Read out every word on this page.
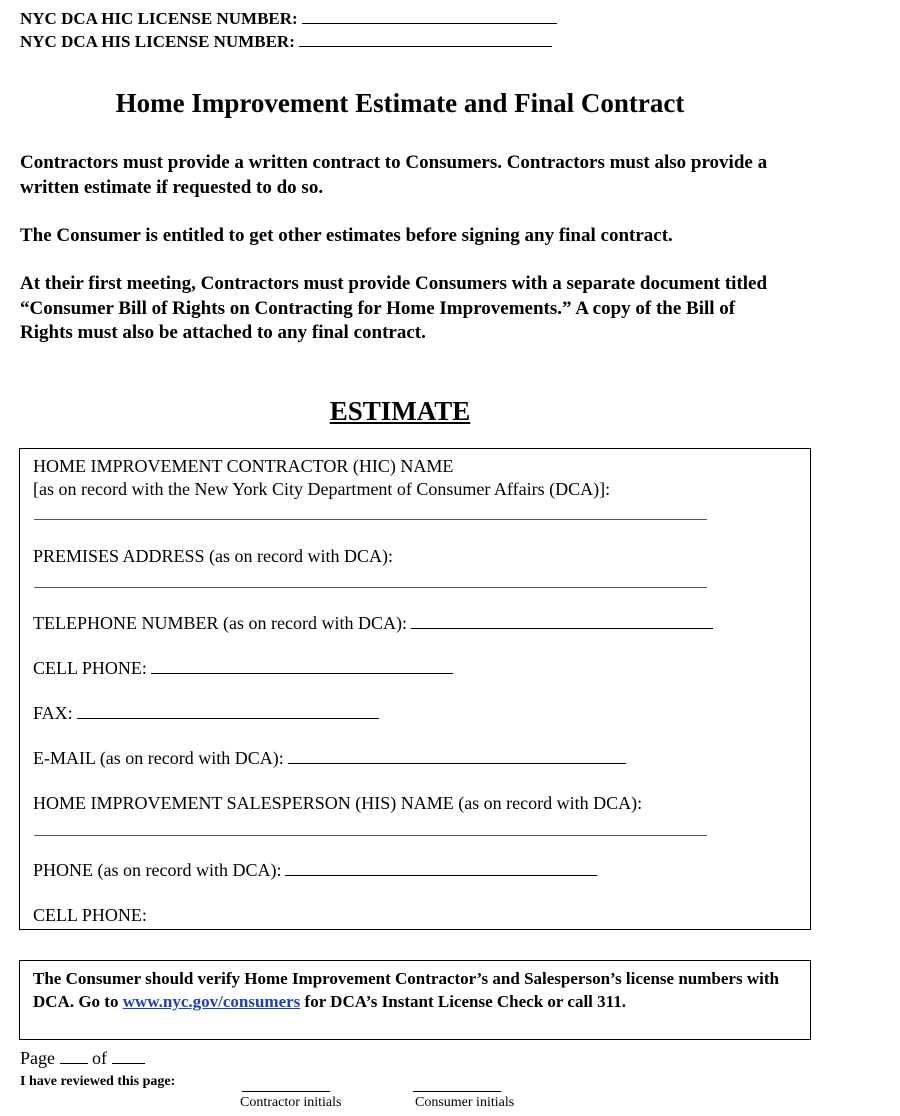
NYC DCA HIC LICENSE NUMBER:
NYC DCA HIS LICENSE NUMBER:
Home Improvement Estimate and Final Contract

Contractors must provide a written contract to Consumers. Contractors must also provide a written estimate if requested to do so.

The Consumer is entitled to get other estimates before signing any final contract.

At their first meeting, Contractors must provide Consumers with a separate document titled “Consumer Bill of Rights on Contracting for Home Improvements.” A copy of the Bill of Rights must also be attached to any final contract.

ESTIMATE
HOME IMPROVEMENT CONTRACTOR (HIC) NAME
[as on record with the New York City Department of Consumer Affairs (DCA)]:
PREMISES ADDRESS (as on record with DCA):
TELEPHONE NUMBER (as on record with DCA):
CELL PHONE:
FAX:
E-MAIL (as on record with DCA):
HOME IMPROVEMENT SALESPERSON (HIS) NAME (as on record with DCA):
PHONE (as on record with DCA):
CELL PHONE:

The Consumer should verify Home Improvement Contractor’s and Salesperson’s license numbers with DCA. Go to www.nyc.gov/consumers for DCA’s Instant License Check or call 311.

Page of
I have reviewed this page:
Contractor initials	Consumer initials
